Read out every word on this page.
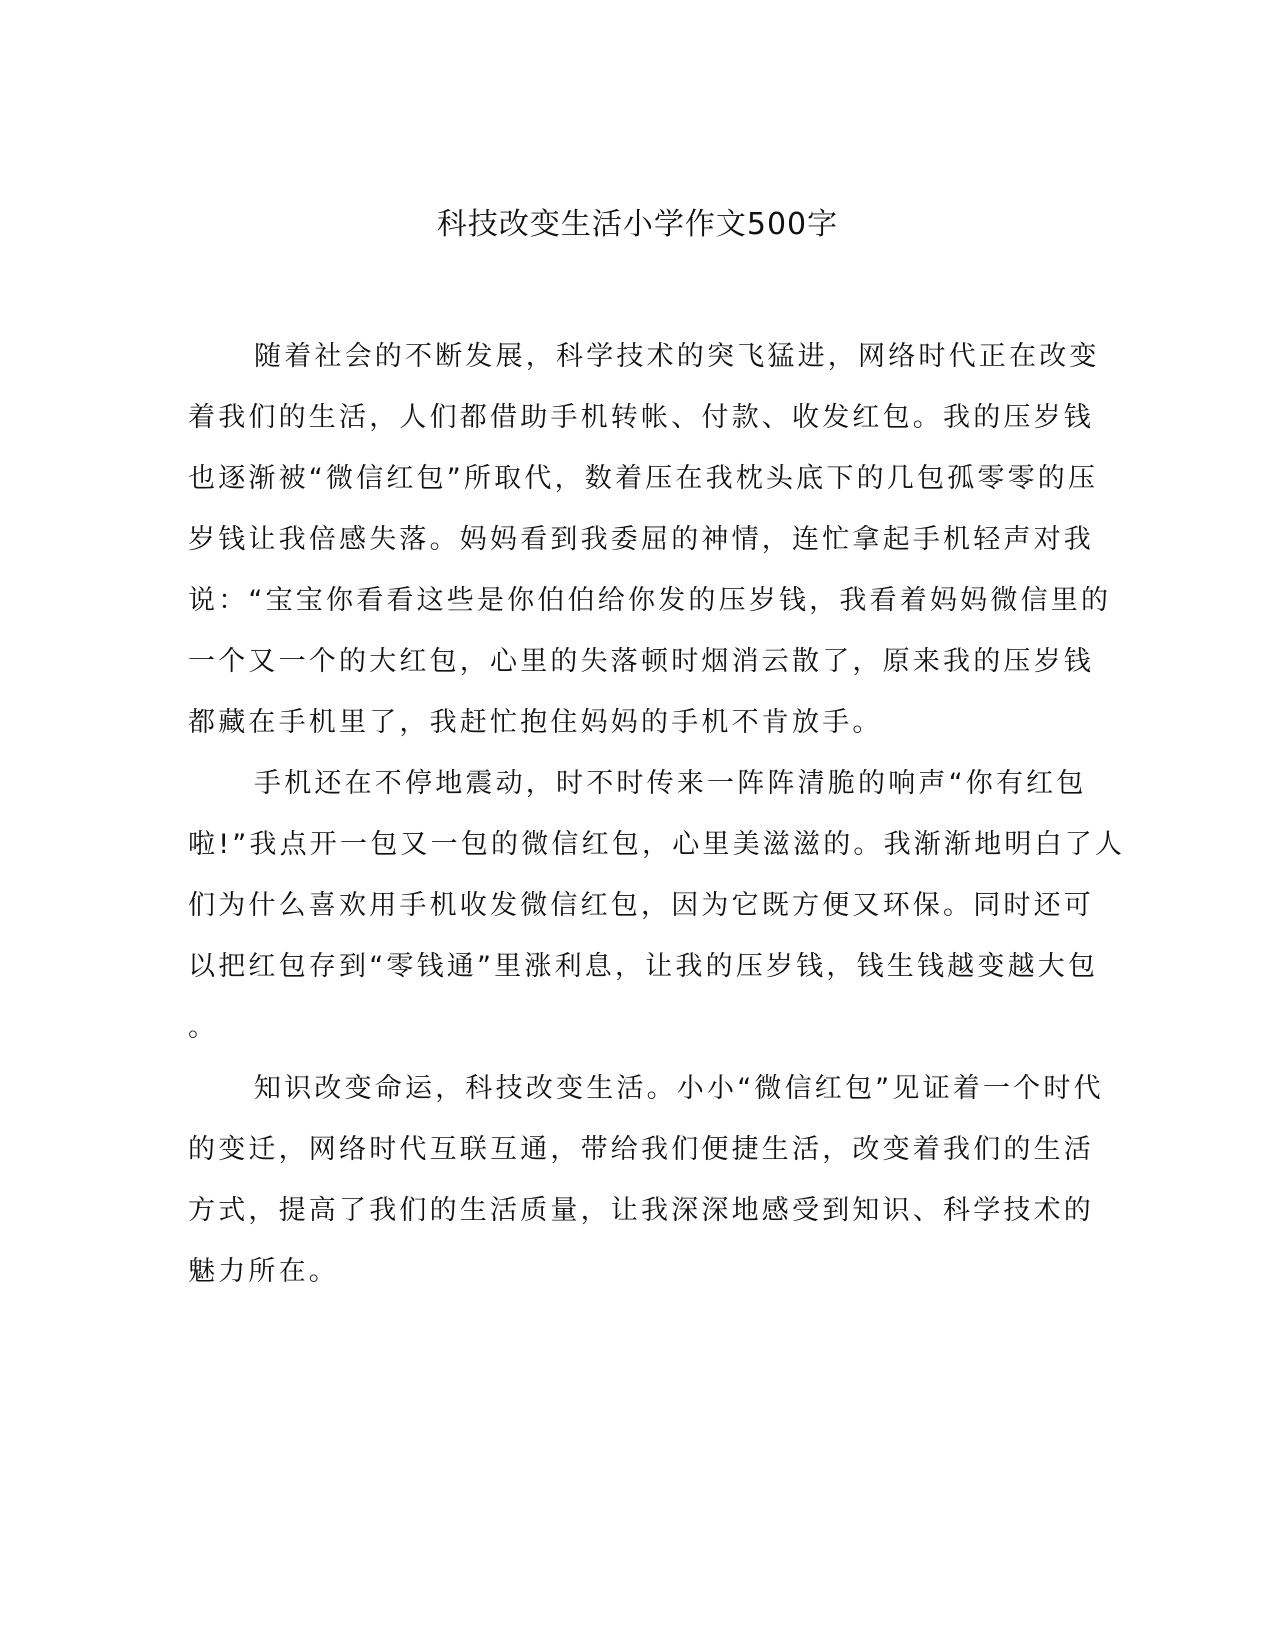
科技改变生活小学作文500字

随着社会的不断发展，科学技术的突飞猛进，网络时代正在改变
着我们的生活，人们都借助手机转帐、付款、收发红包。我的压岁钱
也逐渐被“微信红包”所取代，数着压在我枕头底下的几包孤零零的压
岁钱让我倍感失落。妈妈看到我委屈的神情，连忙拿起手机轻声对我
说：“宝宝你看看这些是你伯伯给你发的压岁钱，我看着妈妈微信里的
一个又一个的大红包，心里的失落顿时烟消云散了，原来我的压岁钱
都藏在手机里了，我赶忙抱住妈妈的手机不肯放手。

手机还在不停地震动，时不时传来一阵阵清脆的响声“你有红包
啦!”我点开一包又一包的微信红包，心里美滋滋的。我渐渐地明白了人
们为什么喜欢用手机收发微信红包，因为它既方便又环保。同时还可
以把红包存到“零钱通”里涨利息，让我的压岁钱，钱生钱越变越大包
。

知识改变命运，科技改变生活。小小“微信红包”见证着一个时代
的变迁，网络时代互联互通，带给我们便捷生活，改变着我们的生活
方式，提高了我们的生活质量，让我深深地感受到知识、科学技术的
魅力所在。
